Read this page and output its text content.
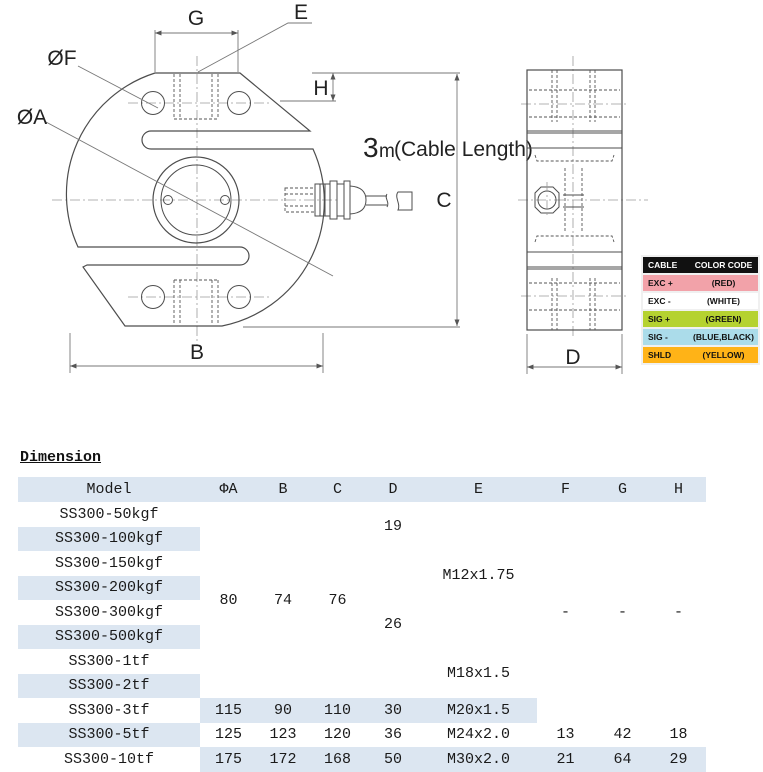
G	E
ØF
ØA
H
C
B
3 m (Cable Length)
D
CABLE	COLOR CODE
EXC +	(RED)
EXC -	(WHITE)
SIG +	(GREEN)
SIG -	(BLUE,BLACK)
SHLD	(YELLOW)
Dimension
Model	ΦA	B	C	D	E	F	G	H
SS300-50kgf	80	74	76	19	M12x1.75	-	-	-
SS300-100kgf								
SS300-150kgf								
SS300-200kgf								
SS300-300kgf				26				
SS300-500kgf								
SS300-1tf					M18x1.5			
SS300-2tf								
SS300-3tf	115	90	110	30	M20x1.5			
SS300-5tf	125	123	120	36	M24x2.0	13	42	18
SS300-10tf	175	172	168	50	M30x2.0	21	64	29
